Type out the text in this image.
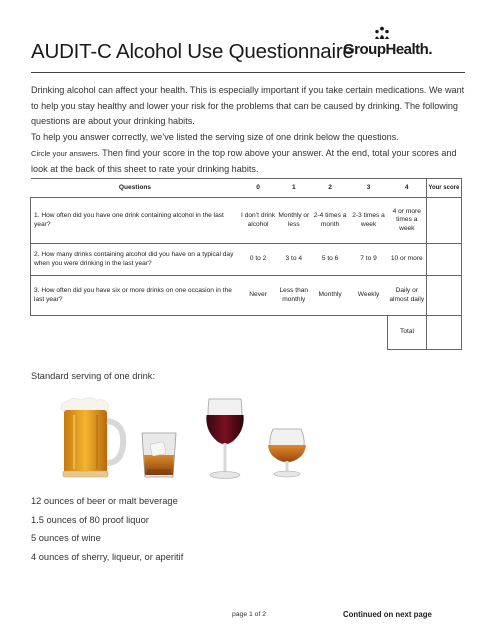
AUDIT-C Alcohol Use Questionnaire
GroupHealth.
Drinking alcohol can affect your health. This is especially important if you take certain medications. We want to help you stay healthy and lower your risk for the problems that can be caused by drinking. The following questions are about your drinking habits.
To help you answer correctly, we’ve listed the serving size of one drink below the questions.
Circle your answers. Then find your score in the top row above your answer. At the end, total your scores and look at the back of this sheet to rate your drinking habits.
Questions	0	1	2	3	4	Your score
1. How often did you have one drink containing alcohol in the last year?	I don’t drink alcohol	Monthly or less	2-4 times a month	2-3 times a week	4 or more times a week	
2. How many drinks containing alcohol did you have on a typical day when you were drinking in the last year?	0 to 2	3 to 4	5 to 6	7 to 9	10 or more	
3. How often did you have six or more drinks on one occasion in the last year?	Never	Less than monthly	Monthly	Weekly	Daily or almost daily	
					Total	
Standard serving of one drink:
12 ounces of beer or malt beverage
1.5 ounces of 80 proof liquor
5 ounces of wine
4 ounces of sherry, liqueur, or aperitif
page 1 of 2	Continued on next page
